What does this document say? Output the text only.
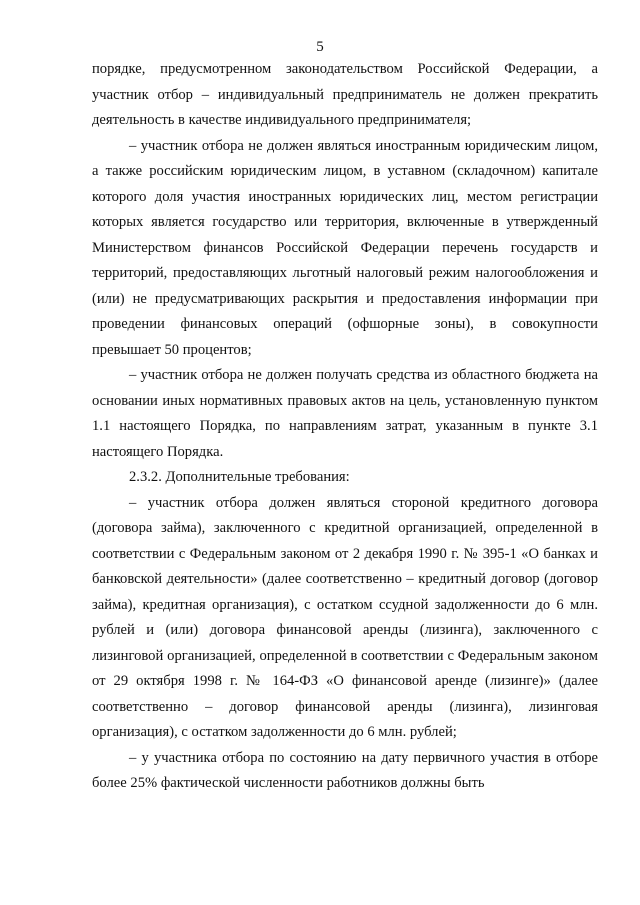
5

порядке, предусмотренном законодательством Российской Федерации, а участник отбор – индивидуальный предприниматель не должен прекратить деятельность в качестве индивидуального предпринимателя;

– участник отбора не должен являться иностранным юридическим лицом, а также российским юридическим лицом, в уставном (складочном) капитале которого доля участия иностранных юридических лиц, местом регистрации которых является государство или территория, включенные в утвержденный Министерством финансов Российской Федерации перечень государств и территорий, предоставляющих льготный налоговый режим налогообложения и (или) не предусматривающих раскрытия и предоставления информации при проведении финансовых операций (офшорные зоны), в совокупности превышает 50 процентов;

– участник отбора не должен получать средства из областного бюджета на основании иных нормативных правовых актов на цель, установленную пунктом 1.1 настоящего Порядка, по направлениям затрат, указанным в пункте 3.1 настоящего Порядка.

2.3.2. Дополнительные требования:

– участник отбора должен являться стороной кредитного договора (договора займа), заключенного с кредитной организацией, определенной в соответствии с Федеральным законом от 2 декабря 1990 г. № 395-1 «О банках и банковской деятельности» (далее соответственно – кредитный договор (договор займа), кредитная организация), с остатком ссудной задолженности до 6 млн. рублей и (или) договора финансовой аренды (лизинга), заключенного с лизинговой организацией, определенной в соответствии с Федеральным законом от 29 октября 1998 г. № 164-ФЗ «О финансовой аренде (лизинге)» (далее соответственно – договор финансовой аренды (лизинга), лизинговая организация), с остатком задолженности до 6 млн. рублей;

– у участника отбора по состоянию на дату первичного участия в отборе более 25% фактической численности работников должны быть
